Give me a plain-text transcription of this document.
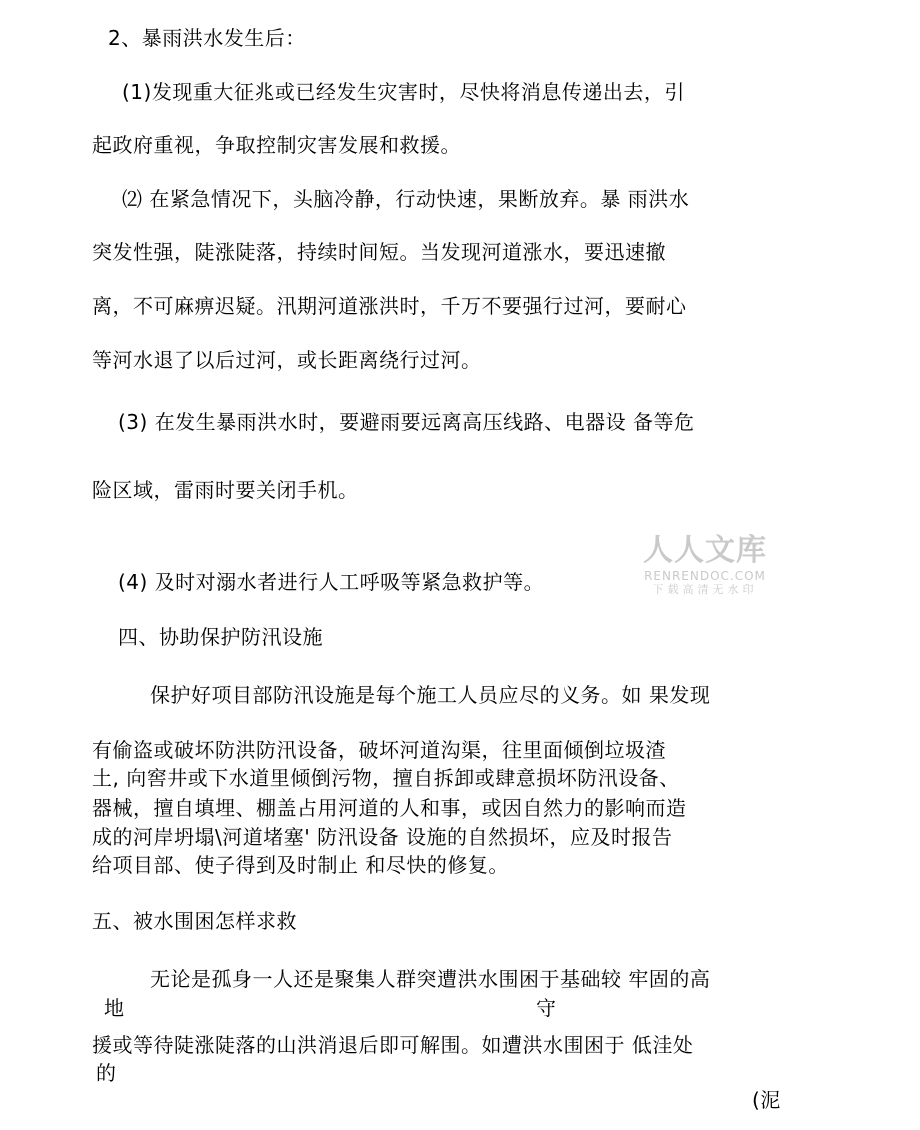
2、暴雨洪水发生后：
(1)发现重大征兆或已经发生灾害时，尽快将消息传递出去，引
起政府重视，争取控制灾害发展和救援。
⑵ 在紧急情况下，头脑冷静，行动快速，果断放弃。暴 雨洪水
突发性强，陡涨陡落，持续时间短。当发现河道涨水，要迅速撤
离，不可麻痹迟疑。汛期河道涨洪时，千万不要强行过河，要耐心
等河水退了以后过河，或长距离绕行过河。
(3) 在发生暴雨洪水时，要避雨要远离高压线路、电器设 备等危
险区域，雷雨时要关闭手机。
(4) 及时对溺水者进行人工呼吸等紧急救护等。
四、协助保护防汛设施
保护好项目部防汛设施是每个施工人员应尽的义务。如 果发现
有偷盗或破坏防洪防汛设备，破坏河道沟渠，往里面倾倒垃圾渣
土, 向窖井或下水道里倾倒污物，擅自拆卸或肆意损坏防汛设备、
器械，擅自填埋、棚盖占用河道的人和事，或因自然力的影响而造
成的河岸坍塌\河道堵塞' 防汛设备 设施的自然损坏，应及时报告
给项目部、使子得到及时制止 和尽快的修复。
五、被水围困怎样求救
无论是孤身一人还是聚集人群突遭洪水围困于基础较 牢固的高
地	守
援或等待陡涨陡落的山洪消退后即可解围。如遭洪水围困于 低洼处
的
(泥
人人文库
RENRENDOC.COM
下载高清无水印
